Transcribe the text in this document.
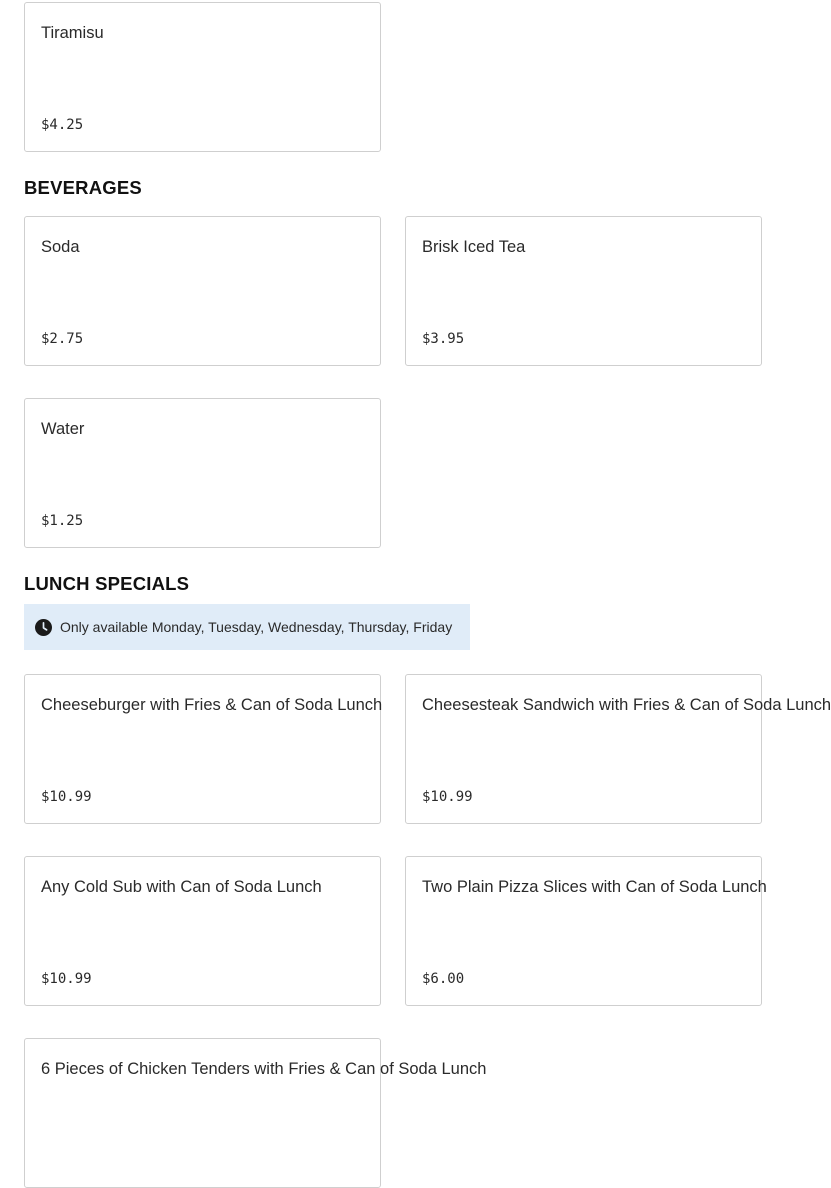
Tiramisu
$4.25
BEVERAGES
Soda
$2.75
Brisk Iced Tea
$3.95
Water
$1.25
LUNCH SPECIALS
Only available Monday, Tuesday, Wednesday, Thursday, Friday
Cheeseburger with Fries & Can of Soda Lunch
$10.99
Cheesesteak Sandwich with Fries & Can of Soda Lunch
$10.99
Any Cold Sub with Can of Soda Lunch
$10.99
Two Plain Pizza Slices with Can of Soda Lunch
$6.00
6 Pieces of Chicken Tenders with Fries & Can of Soda Lunch
